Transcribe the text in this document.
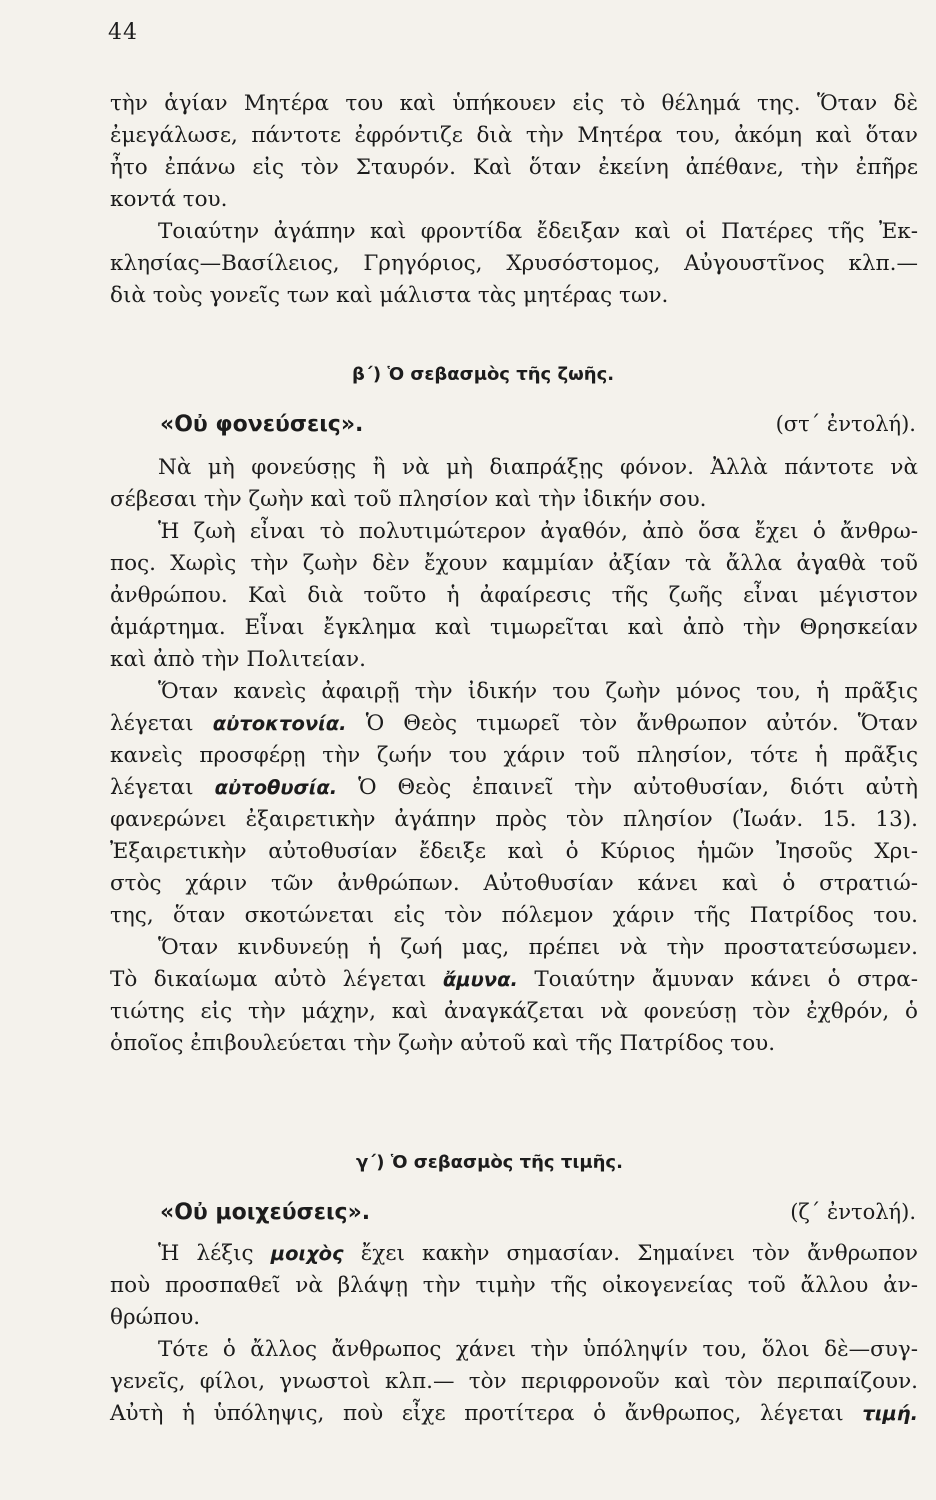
44
τὴν ἁγίαν Μητέρα του καὶ ὑπήκουεν εἰς τὸ θέλημά της. Ὅταν δὲ
ἐμεγάλωσε, πάντοτε ἐφρόντιζε διὰ τὴν Μητέρα του, ἀκόμη καὶ ὅταν
ἦτο ἐπάνω εἰς τὸν Σταυρόν. Καὶ ὅταν ἐκείνη ἀπέθανε, τὴν ἐπῆρε
κοντά του.
Τοιαύτην ἀγάπην καὶ φροντίδα ἔδειξαν καὶ οἱ Πατέρες τῆς Ἐκ-
κλησίας—Βασίλειος, Γρηγόριος, Χρυσόστομος, Αὐγουστῖνος κλπ.—
διὰ τοὺς γονεῖς των καὶ μάλιστα τὰς μητέρας των.
β΄) Ὁ σεβασμὸς τῆς ζωῆς.
«Οὐ φονεύσεις».	(στ΄ ἐντολή).
Νὰ μὴ φονεύσῃς ἢ νὰ μὴ διαπράξῃς φόνον. Ἀλλὰ πάντοτε νὰ
σέβεσαι τὴν ζωὴν καὶ τοῦ πλησίον καὶ τὴν ἰδικήν σου.
Ἡ ζωὴ εἶναι τὸ πολυτιμώτερον ἀγαθόν, ἀπὸ ὅσα ἔχει ὁ ἄνθρω-
πος. Χωρὶς τὴν ζωὴν δὲν ἔχουν καμμίαν ἀξίαν τὰ ἄλλα ἀγαθὰ τοῦ
ἀνθρώπου. Καὶ διὰ τοῦτο ἡ ἀφαίρεσις τῆς ζωῆς εἶναι μέγιστον
ἁμάρτημα. Εἶναι ἔγκλημα καὶ τιμωρεῖται καὶ ἀπὸ τὴν Θρησκείαν
καὶ ἀπὸ τὴν Πολιτείαν.
Ὅταν κανεὶς ἀφαιρῇ τὴν ἰδικήν του ζωὴν μόνος του, ἡ πρᾶξις
λέγεται αὐτοκτονία. Ὁ Θεὸς τιμωρεῖ τὸν ἄνθρωπον αὐτόν. Ὅταν
κανεὶς προσφέρῃ τὴν ζωήν του χάριν τοῦ πλησίον, τότε ἡ πρᾶξις
λέγεται αὐτοθυσία. Ὁ Θεὸς ἐπαινεῖ τὴν αὐτοθυσίαν, διότι αὐτὴ
φανερώνει ἐξαιρετικὴν ἀγάπην πρὸς τὸν πλησίον (Ἰωάν. 15. 13).
Ἐξαιρετικὴν αὐτοθυσίαν ἔδειξε καὶ ὁ Κύριος ἡμῶν Ἰησοῦς Χρι-
στὸς χάριν τῶν ἀνθρώπων. Αὐτοθυσίαν κάνει καὶ ὁ στρατιώ-
της, ὅταν σκοτώνεται εἰς τὸν πόλεμον χάριν τῆς Πατρίδος του.
Ὅταν κινδυνεύῃ ἡ ζωή μας, πρέπει νὰ τὴν προστατεύσωμεν.
Τὸ δικαίωμα αὐτὸ λέγεται ἄμυνα. Τοιαύτην ἄμυναν κάνει ὁ στρα-
τιώτης εἰς τὴν μάχην, καὶ ἀναγκάζεται νὰ φονεύσῃ τὸν ἐχθρόν, ὁ
ὁποῖος ἐπιβουλεύεται τὴν ζωὴν αὐτοῦ καὶ τῆς Πατρίδος του.
γ΄) Ὁ σεβασμὸς τῆς τιμῆς.
«Οὐ μοιχεύσεις».	(ζ΄ ἐντολή).
Ἡ λέξις μοιχὸς ἔχει κακὴν σημασίαν. Σημαίνει τὸν ἄνθρωπον
ποὺ προσπαθεῖ νὰ βλάψῃ τὴν τιμὴν τῆς οἰκογενείας τοῦ ἄλλου ἀν-
θρώπου.
Τότε ὁ ἄλλος ἄνθρωπος χάνει τὴν ὑπόληψίν του, ὅλοι δὲ—συγ-
γενεῖς, φίλοι, γνωστοὶ κλπ.— τὸν περιφρονοῦν καὶ τὸν περιπαίζουν.
Αὐτὴ ἡ ὑπόληψις, ποὺ εἶχε προτίτερα ὁ ἄνθρωπος, λέγεται τιμή.
